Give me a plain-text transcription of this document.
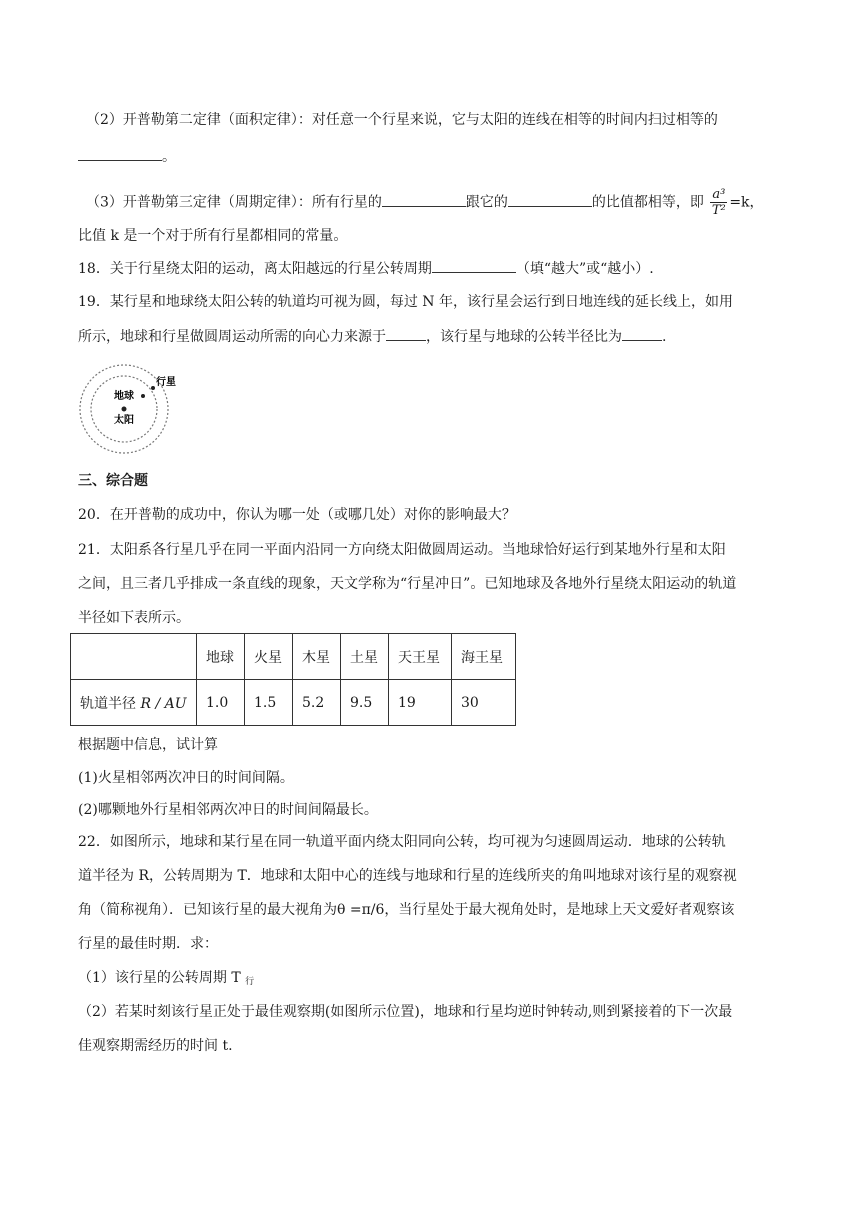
（2）开普勒第二定律（面积定律）：对任意一个行星来说，它与太阳的连线在相等的时间内扫过相等的
。
（3）开普勒第三定律（周期定律）：所有行星的	跟它的	的比值都相等，即 $\frac{\text{a³}}{\text{T²}} =k$，
比值 k 是一个对于所有行星都相同的常量。
18．关于行星绕太阳的运动，离太阳越远的行星公转周期	（填“越大”或“越小）.
19．某行星和地球绕太阳公转的轨道均可视为圆，每过 N 年，该行星会运行到日地连线的延长线上，如用
所示，地球和行星做圆周运动所需的向心力来源于	，该行星与地球的公转半径比为	.
行星
地球
太阳
三、综合题
20．在开普勒的成功中，你认为哪一处（或哪几处）对你的影响最大？
21．太阳系各行星几乎在同一平面内沿同一方向绕太阳做圆周运动。当地球恰好运行到某地外行星和太阳
之间，且三者几乎排成一条直线的现象，天文学称为“行星冲日”。已知地球及各地外行星绕太阳运动的轨道
半径如下表所示。
	地球	火星	木星	土星	天王星	海王星
轨道半径 R / AU	1.0	1.5	5.2	9.5	19	30
根据题中信息，试计算
(1)火星相邻两次冲日的时间间隔。
(2)哪颗地外行星相邻两次冲日的时间间隔最长。
22．如图所示，地球和某行星在同一轨道平面内绕太阳同向公转，均可视为匀速圆周运动．地球的公转轨
道半径为 R，公转周期为 T．地球和太阳中心的连线与地球和行星的连线所夹的角叫地球对该行星的观察视
角（简称视角）．已知该行星的最大视角为θ =π/6，当行星处于最大视角处时，是地球上天文爱好者观察该
行星的最佳时期．求：
（1）该行星的公转周期 T $_行$
（2）若某时刻该行星正处于最佳观察期(如图所示位置)，地球和行星均逆时钟转动,则到紧接着的下一次最
佳观察期需经历的时间 t.
